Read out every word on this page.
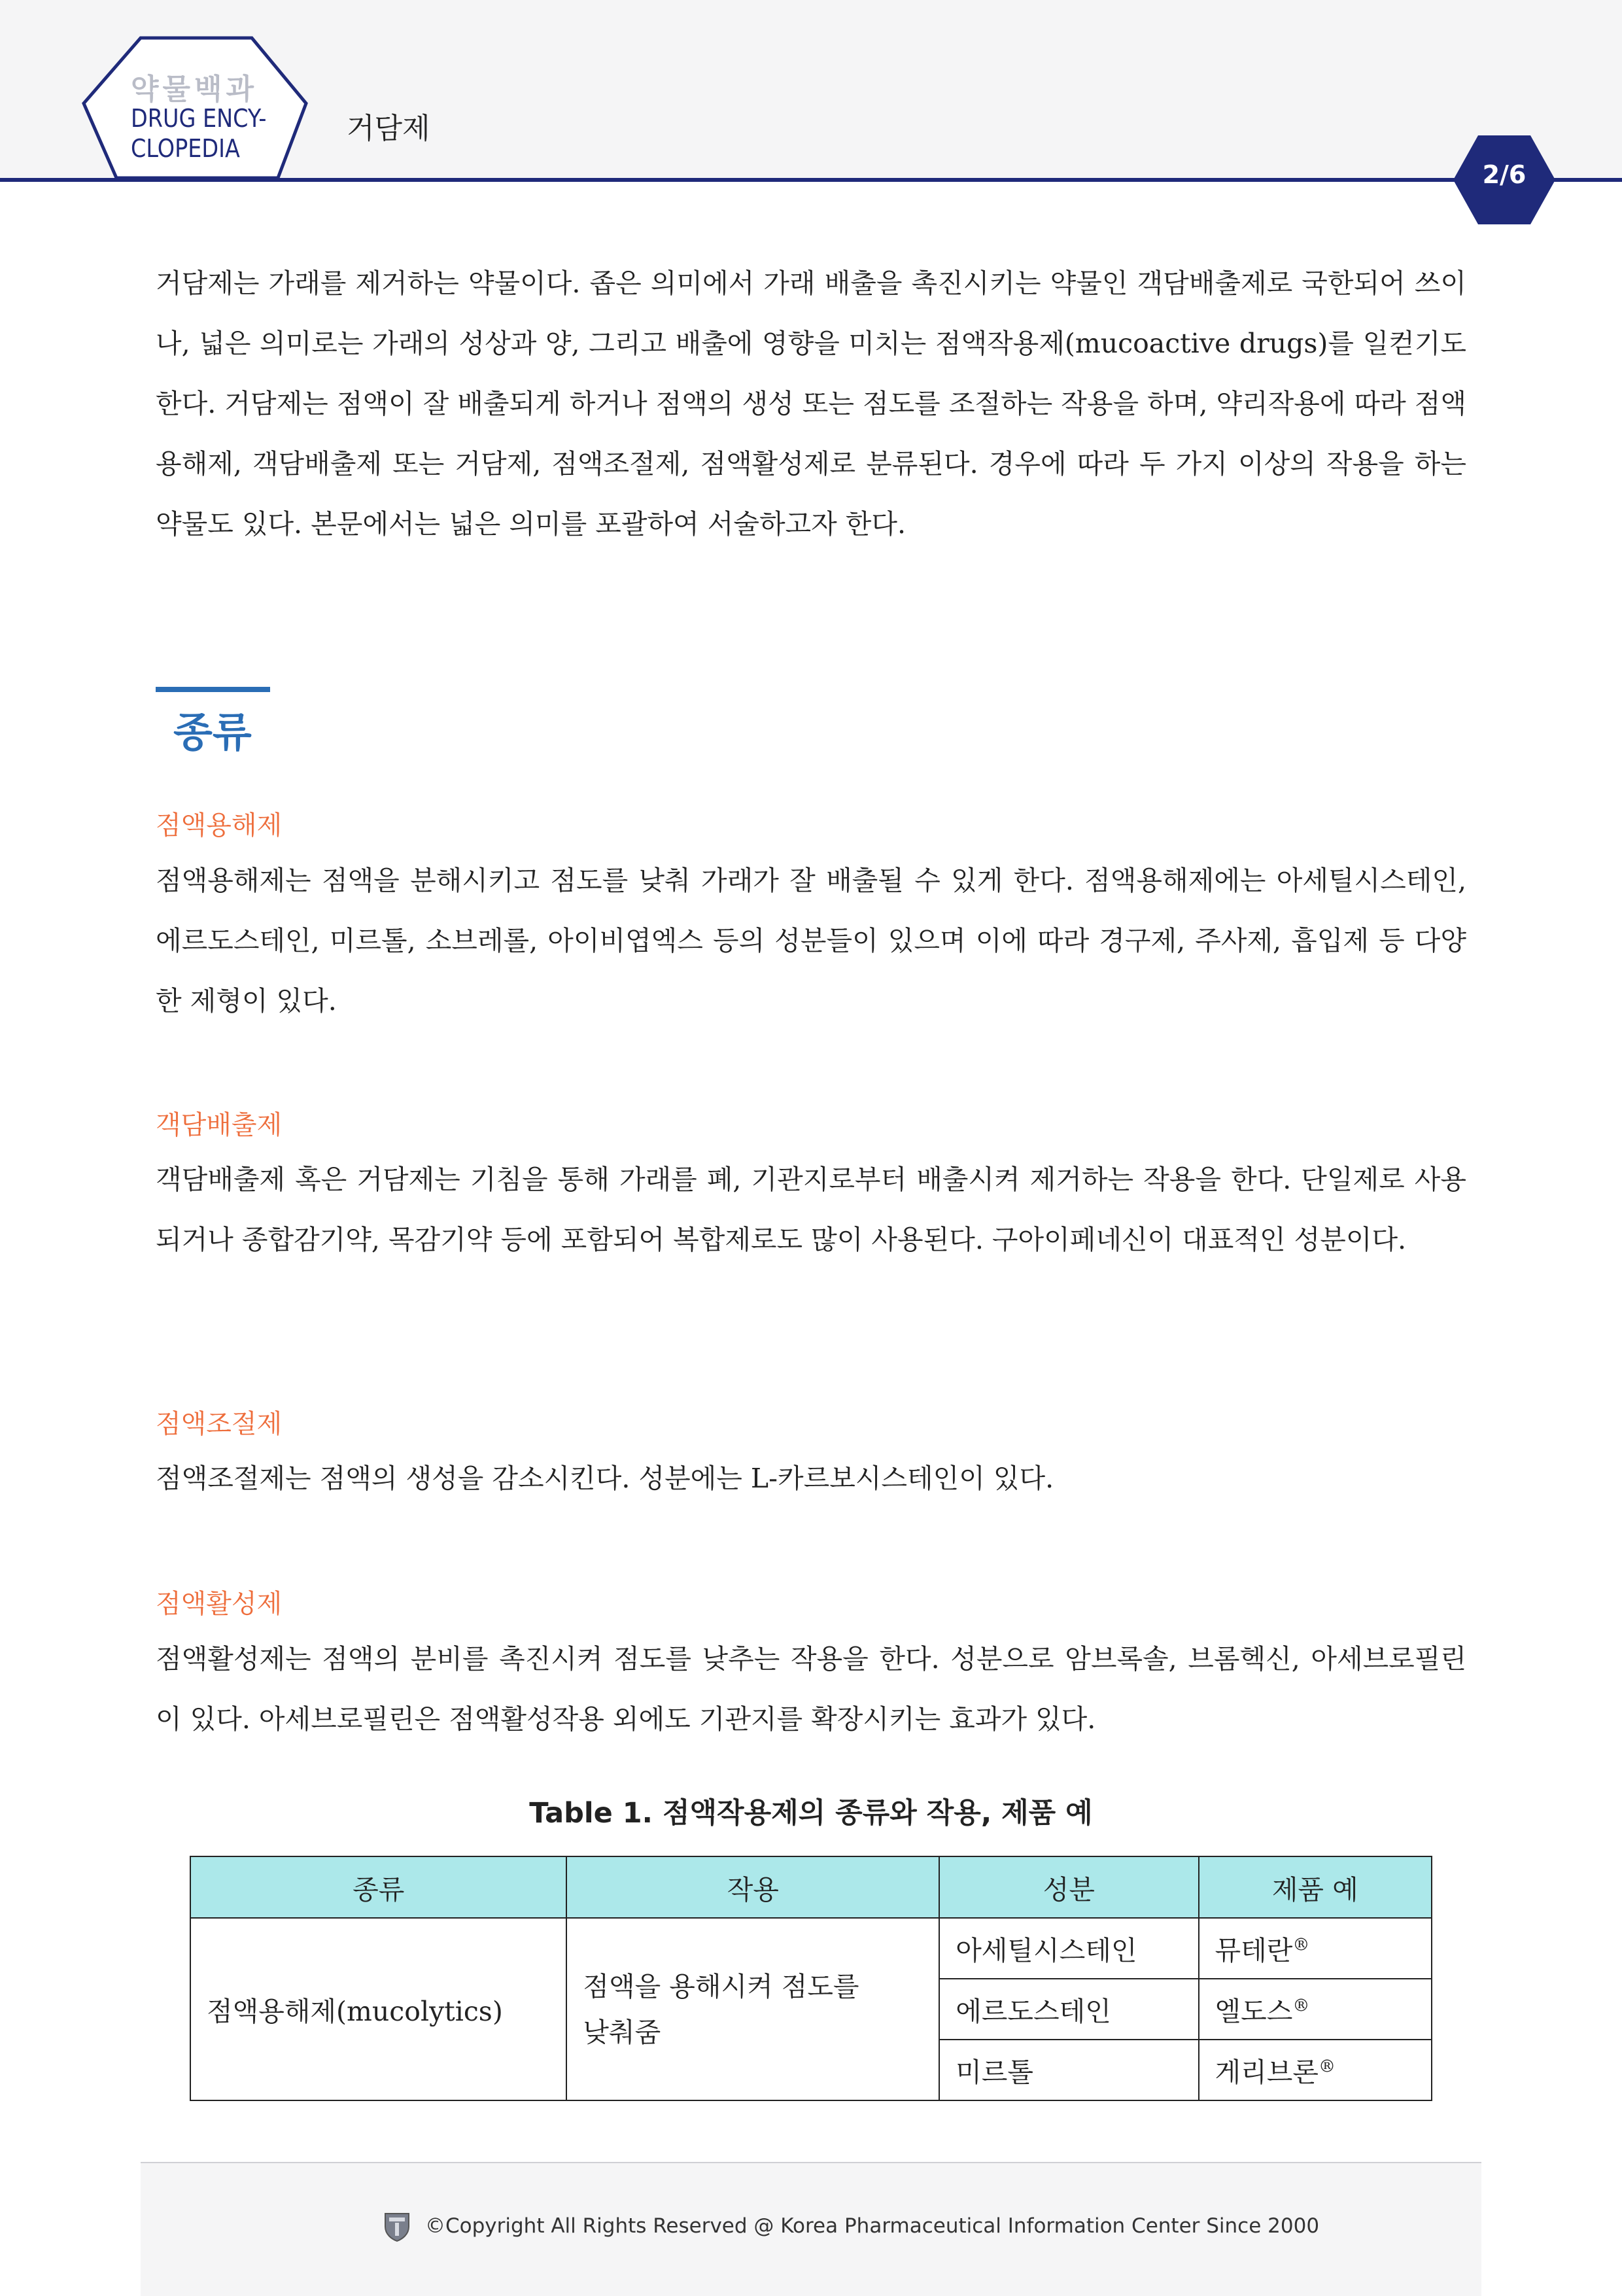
약물백과
DRUG ENCY-
CLOPEDIA
거담제
2/6

거담제는 가래를 제거하는 약물이다. 좁은 의미에서 가래 배출을 촉진시키는 약물인 객담배출제로 국한되어 쓰이나, 넓은 의미로는 가래의 성상과 양, 그리고 배출에 영향을 미치는 점액작용제(mucoactive drugs)를 일컫기도 한다. 거담제는 점액이 잘 배출되게 하거나 점액의 생성 또는 점도를 조절하는 작용을 하며, 약리작용에 따라 점액용해제, 객담배출제 또는 거담제, 점액조절제, 점액활성제로 분류된다. 경우에 따라 두 가지 이상의 작용을 하는 약물도 있다. 본문에서는 넓은 의미를 포괄하여 서술하고자 한다.

종류
점액용해제

점액용해제는 점액을 분해시키고 점도를 낮춰 가래가 잘 배출될 수 있게 한다. 점액용해제에는 아세틸시스테인, 에르도스테인, 미르톨, 소브레롤, 아이비엽엑스 등의 성분들이 있으며 이에 따라 경구제, 주사제, 흡입제 등 다양한 제형이 있다.

객담배출제

객담배출제 혹은 거담제는 기침을 통해 가래를 폐, 기관지로부터 배출시켜 제거하는 작용을 한다. 단일제로 사용되거나 종합감기약, 목감기약 등에 포함되어 복합제로도 많이 사용된다. 구아이페네신이 대표적인 성분이다.

점액조절제

점액조절제는 점액의 생성을 감소시킨다. 성분에는 L-카르보시스테인이 있다.

점액활성제

점액활성제는 점액의 분비를 촉진시켜 점도를 낮추는 작용을 한다. 성분으로 암브록솔, 브롬헥신, 아세브로필린이 있다. 아세브로필린은 점액활성작용 외에도 기관지를 확장시키는 효과가 있다.

Table 1. 점액작용제의 종류와 작용, 제품 예
종류	작용	성분	제품 예
점액용해제(mucolytics)	점액을 용해시켜 점도를 낮춰줌	아세틸시스테인	뮤테란®
		에르도스테인	엘도스®
		미르톨	게리브론®
©Copyright All Rights Reserved @ Korea Pharmaceutical Information Center Since 2000
